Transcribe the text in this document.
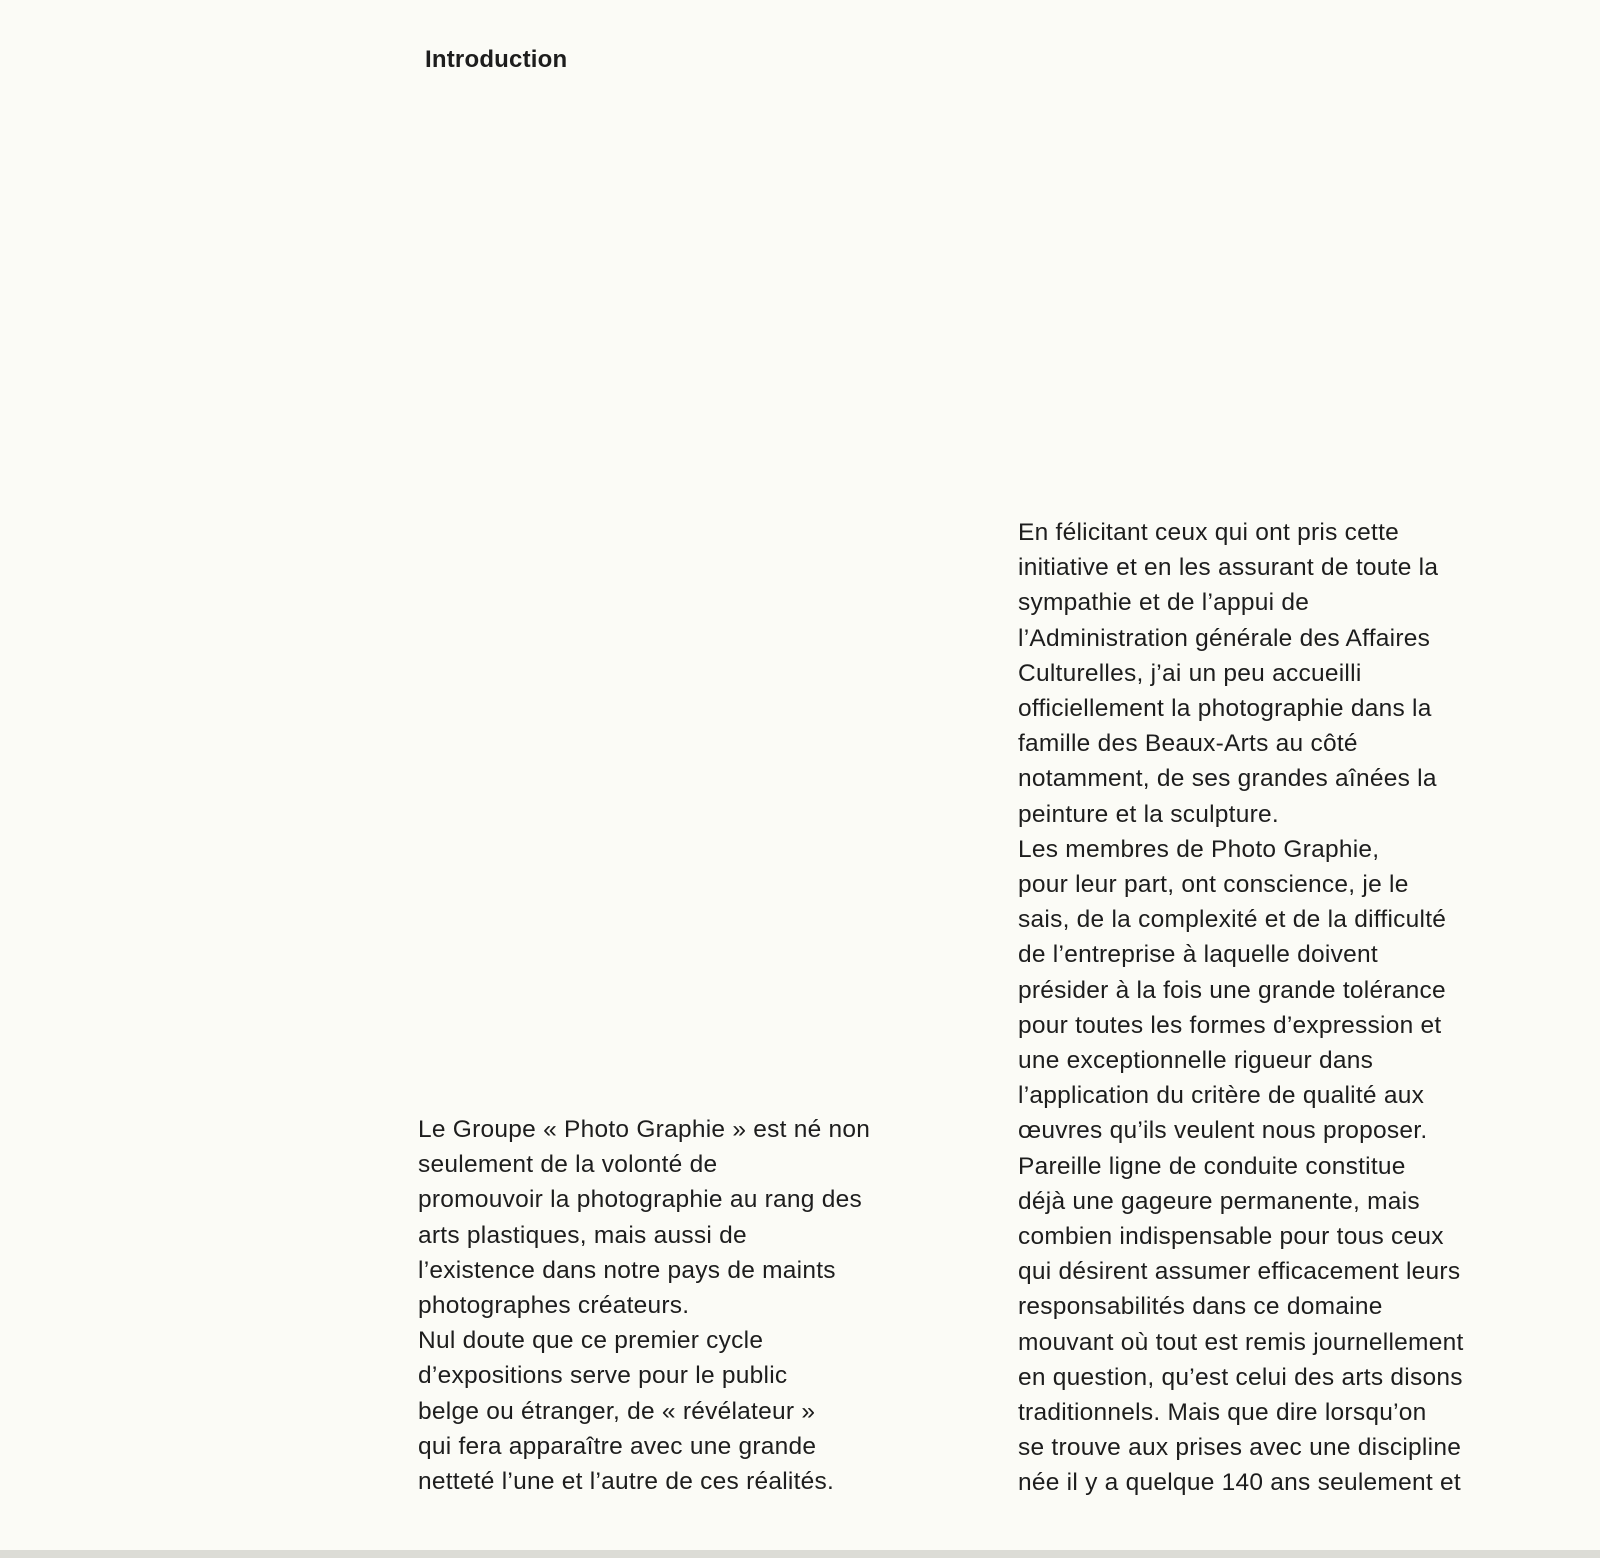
Introduction
Le Groupe « Photo Graphie » est né non
seulement de la volonté de
promouvoir la photographie au rang des
arts plastiques, mais aussi de
l’existence dans notre pays de maints
photographes créateurs.
Nul doute que ce premier cycle
d’expositions serve pour le public
belge ou étranger, de « révélateur »
qui fera apparaître avec une grande
netteté l’une et l’autre de ces réalités.
En félicitant ceux qui ont pris cette
initiative et en les assurant de toute la
sympathie et de l’appui de
l’Administration générale des Affaires
Culturelles, j’ai un peu accueilli
officiellement la photographie dans la
famille des Beaux-Arts au côté
notamment, de ses grandes aînées la
peinture et la sculpture.
Les membres de Photo Graphie,
pour leur part, ont conscience, je le
sais, de la complexité et de la difficulté
de l’entreprise à laquelle doivent
présider à la fois une grande tolérance
pour toutes les formes d’expression et
une exceptionnelle rigueur dans
l’application du critère de qualité aux
œuvres qu’ils veulent nous proposer.
Pareille ligne de conduite constitue
déjà une gageure permanente, mais
combien indispensable pour tous ceux
qui désirent assumer efficacement leurs
responsabilités dans ce domaine
mouvant où tout est remis journellement
en question, qu’est celui des arts disons
traditionnels. Mais que dire lorsqu’on
se trouve aux prises avec une discipline
née il y a quelque 140 ans seulement et
